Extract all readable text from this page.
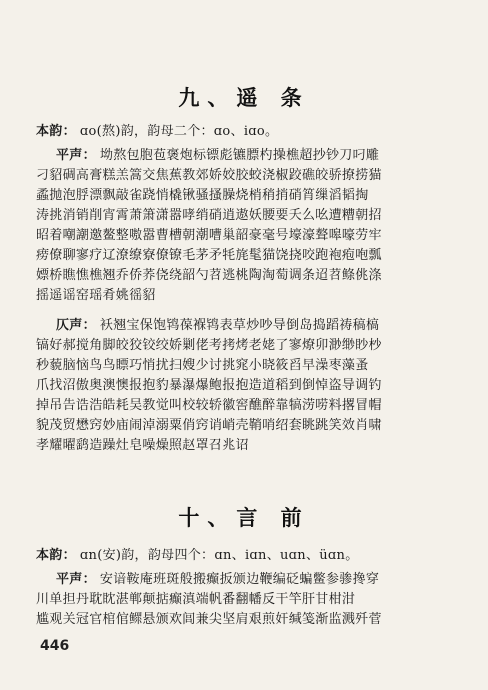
九、遥 条
本韵： ɑo(熬)韵，韵母二个：ɑo、iɑo。
平声： 坳熬包胞苞褒炮标镖彪镳膘杓操樵超抄钞刀叼雕
刁貂碉高膏糕羔篙交焦蕉教郊娇姣胶蛟浇椒跤礁皎骄撩捞猫
蟊抛泡脬漂飘敲雀跷悄橇锹骚搔臊烧梢稍捎硝筲缫滔韬掏
涛挑消销削宵霄萧箫潇嚣哮绡硝逍遨妖腰要夭么吆遭糟朝招
昭着嘲謿邀鳌整嗷嚣曹槽朝潮嘈巢韶豪毫号壕濠聱嗥嚎劳牢
痨僚聊寥疗辽潦缭寮僚镣毛茅矛牦旄髦猫饶挠咬跑袍疱咆瓢
嫖桥瞧憔樵翘乔侨荞侥绕韶勺苕逃桃陶淘萄调条迢苕鲦佻涤
摇遥谣窑瑶肴姚徭貂
仄声： 袄翘宝保饱鸨葆褓鸨表草炒吵导倒岛捣蹈祷稿槁
镐好郝搅角脚皎狡铰绞娇剿佬考拷烤老姥了寥燎卯渺缈眇杪
秒藐脑恼鸟鸟瞟巧悄扰扫嫂少讨挑窕小晓筱舀早澡枣藻蚤
爪找沼傲奥澳懊报抱豹暴瀑爆鲍报抱造道稻到倒悼盗导调钓
掉吊告诰浩皓耗吴教觉叫校较轿徽窖醮醉靠犒涝唠料撂冒帽
貌茂贸懋窍妙庙闹淖溺粟俏窍诮峭壳鞘哨绍套眺跳笑效肖啸
孝耀曜鹞造躁灶皂噪燥照赵罩召兆诏
十、言 前
本韵： ɑn(安)韵，韵母四个：ɑn、iɑn、uɑn、üɑn。
平声： 安谙鞍庵班斑般搬癫扳颁边鞭编砭蝙鳖参骖搀穿
川单担丹耽眈湛郸颠掂癫滇端帆番翻幡反干竿肝甘柑泔
尴观关冠官棺倌鳏悬颁欢闾兼尖坚肩艰煎奸缄笺渐监溅歼菅
446
